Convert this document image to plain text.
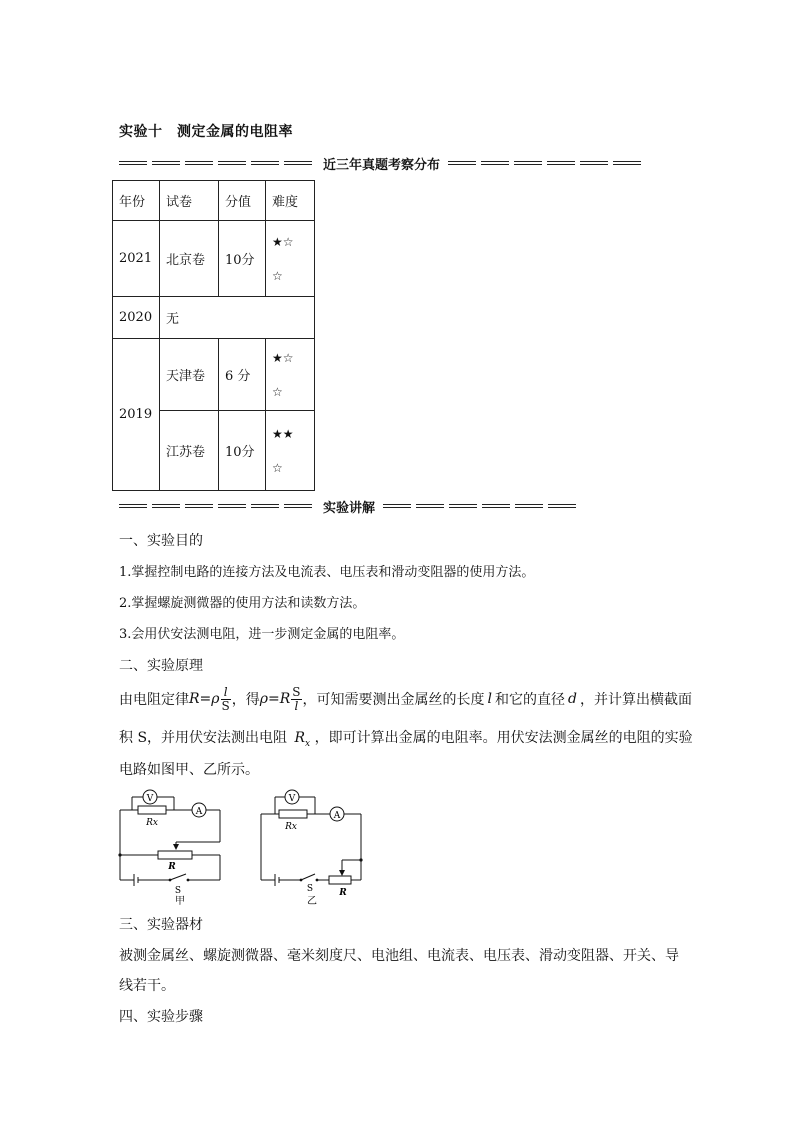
实验十　测定金属的电阻率
近三年真题考察分布
年份	试卷	分值	难度
2021	北京卷	10分	★☆
☆

2020	无		
2019	天津卷	6 分	★☆
☆

	江苏卷	10分	★★
☆
实验讲解
一、实验目的
1.掌握控制电路的连接方法及电流表、电压表和滑动变阻器的使用方法。
2.掌握螺旋测微器的使用方法和读数方法。
3.会用伏安法测电阻，进一步测定金属的电阻率。
二、实验原理
由电阻定律 $R =\rho \frac{l}{S}$ ，得 $\rho =R \frac{S}{l}$ ，可知需要测出金属丝的长度 l 和它的直径 d ，并计算出横截面
积 S，并用伏安法测出电阻 $R_x$ ，即可计算出金属的电阻率。用伏安法测金属丝的电阻的实验
电路如图甲、乙所示。
V
A
Rx
R
S
甲
V
A
Rx
S	R
乙
三、实验器材
被测金属丝、螺旋测微器、毫米刻度尺、电池组、电流表、电压表、滑动变阻器、开关、导
线若干。
四、实验步骤
